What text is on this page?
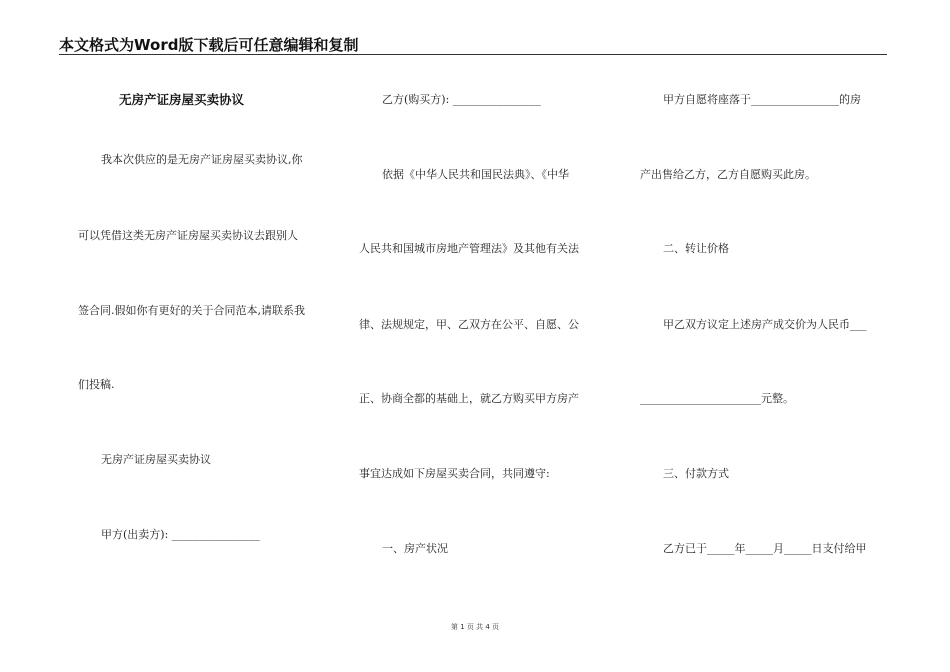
本文格式为Word版下载后可任意编辑和复制
无房产证房屋买卖协议
我本次供应的是无房产证房屋买卖协议,你
可以凭借这类无房产证房屋买卖协议去跟别人
签合同.假如你有更好的关于合同范本,请联系我
们投稿.
无房产证房屋买卖协议
甲方(出卖方): ________________
乙方(购买方): ________________
依据《中华人民共和国民法典》、《中华
人民共和国城市房地产管理法》及其他有关法
律、法规规定，甲、乙双方在公平、自愿、公
正、协商全都的基础上，就乙方购买甲方房产
事宜达成如下房屋买卖合同，共同遵守:
一、房产状况
甲方自愿将座落于________________的房
产出售给乙方，乙方自愿购买此房。
二、转让价格
甲乙双方议定上述房产成交价为人民币___
______________________元整。
三、付款方式
乙方已于_____年_____月_____日支付给甲
第 1 页 共 4 页
